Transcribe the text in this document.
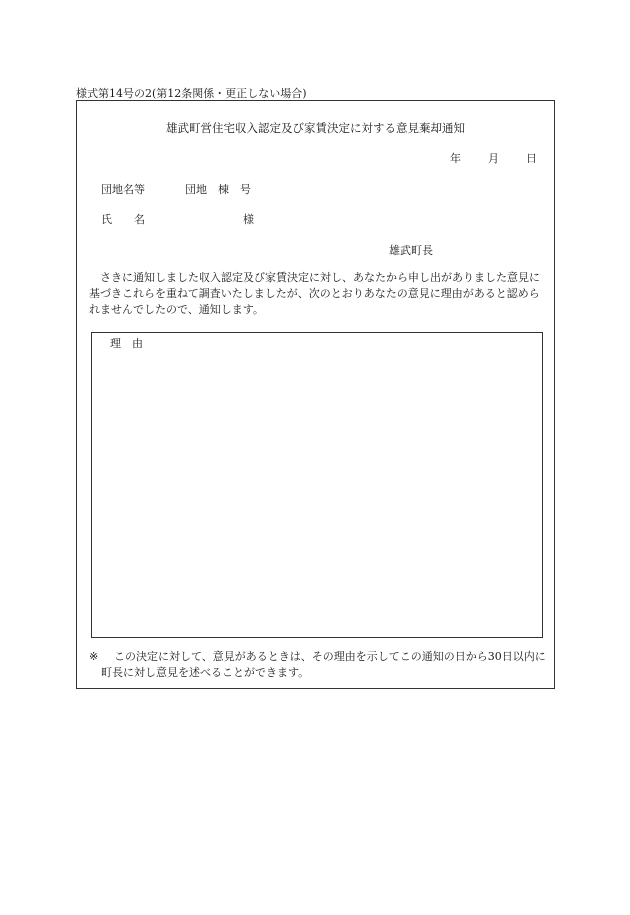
様式第14号の2(第12条関係・更正しない場合)
雄武町営住宅収入認定及び家賃決定に対する意見棄却通知
年 月 日
団地名等	団地　棟　号
氏　　名	様
雄武町長
さきに通知しました収入認定及び家賃決定に対し、あなたから申し出がありました意見に基づきこれらを重ねて調査いたしましたが、次のとおりあなたの意見に理由があると認められませんでしたので、通知します。
理　由
※	この決定に対して、意見があるときは、その理由を示してこの通知の日から30日以内に町長に対し意見を述べることができます。
